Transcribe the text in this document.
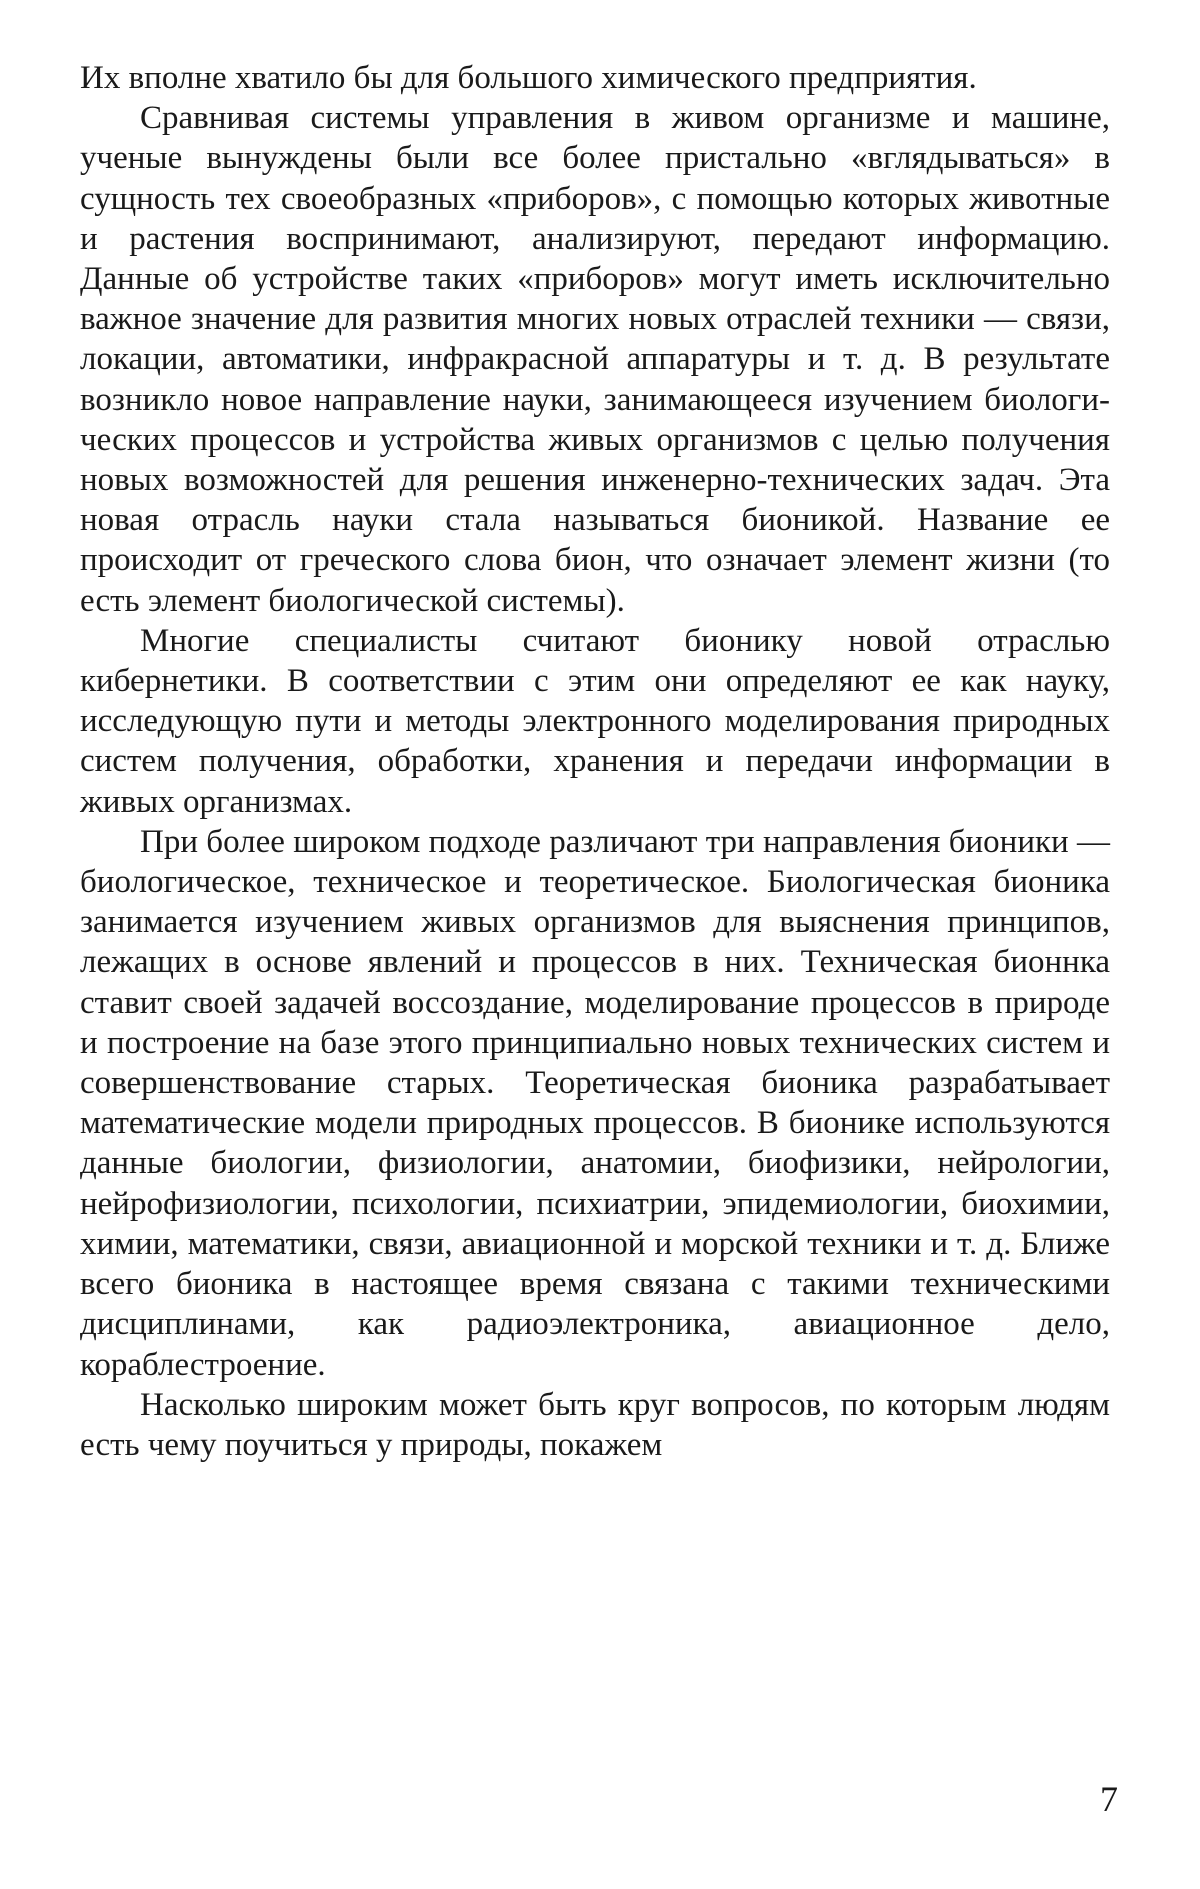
Их вполне хватило бы для большого химического предприятия.

Сравнивая системы управления в живом организме и машине, ученые вынуждены были все более пристально «вглядываться» в сущность тех своеобразных «приборов», с помощью которых животные и растения воспринимают, анализируют, передают информацию. Данные об устройстве таких «приборов» могут иметь исключительно важное значение для развития многих новых отраслей техники — связи, локации, автоматики, инфракрасной аппаратуры и т. д. В результате возникло новое направление науки, занимающееся изучением биологических процессов и устройства живых организмов с целью получения новых возможностей для решения инженерно-технических задач. Эта новая отрасль науки стала называться бионикой. Название ее происходит от греческого слова бион, что означает элемент жизни (то есть элемент биологической системы).

Многие специалисты считают бионику новой отраслью кибернетики. В соответствии с этим они определяют ее как науку, исследующую пути и методы электронного моделирования природных систем получения, обработки, хранения и передачи информации в живых организмах.

При более широком подходе различают три направления бионики — биологическое, техническое и теоретическое. Биологическая бионика занимается изучением живых организмов для выяснения принципов, лежащих в основе явлений и процессов в них. Техническая бионнка ставит своей задачей воссоздание, моделирование процессов в природе и построение на базе этого принципиально новых технических систем и совершенствование старых. Теоретическая бионика разрабатывает математические модели природных процессов. В бионике используются данные биологии, физиологии, анатомии, биофизики, нейрологии, нейрофизиологии, психологии, психиатрии, эпидемиологии, биохимии, химии, математики, связи, авиационной и морской техники и т. д. Ближе всего бионика в настоящее время связана с такими техническими дисциплинами, как радиоэлектроника, авиационное дело, кораблестроение.

Насколько широким может быть круг вопросов, по которым людям есть чему поучиться у природы, покажем

7
